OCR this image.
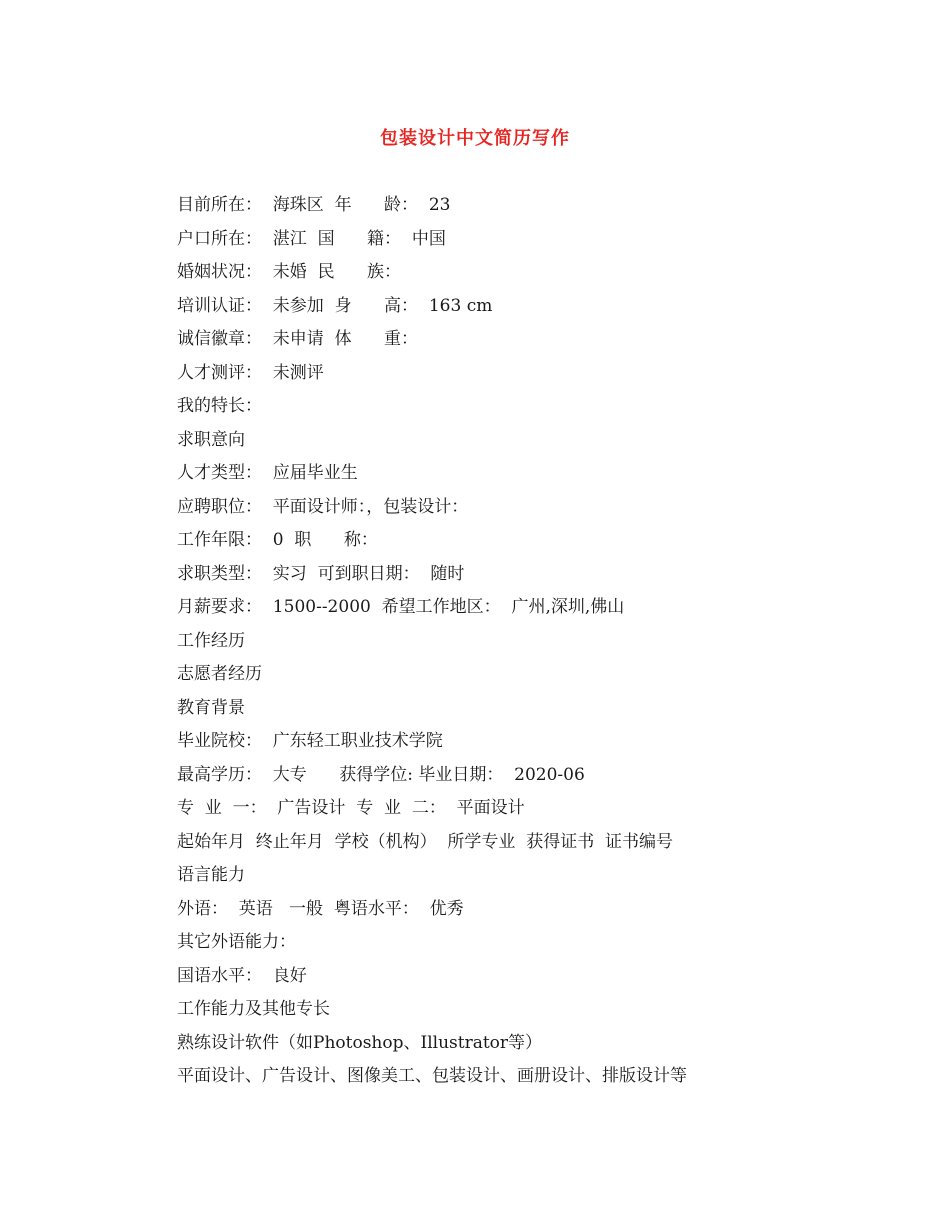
包装设计中文简历写作
目前所在：  海珠区  年      龄：  23
户口所在：  湛江  国      籍：  中国
婚姻状况：  未婚  民      族：
培训认证：  未参加  身      高：  163 cm
诚信徽章：  未申请  体      重：
人才测评：  未测评
我的特长：
求职意向
人才类型：  应届毕业生
应聘职位：  平面设计师：，包装设计：
工作年限：  0  职      称：
求职类型：  实习  可到职日期：  随时
月薪要求：  1500--2000  希望工作地区：  广州,深圳,佛山
工作经历
志愿者经历
教育背景
毕业院校：  广东轻工职业技术学院
最高学历：  大专      获得学位: 毕业日期：  2020-06
专  业  一：  广告设计  专  业  二：  平面设计
起始年月  终止年月  学校（机构）  所学专业  获得证书  证书编号
语言能力
外语：  英语   一般  粤语水平：  优秀
其它外语能力：
国语水平：  良好
工作能力及其他专长
熟练设计软件（如Photoshop、Illustrator等）
平面设计、广告设计、图像美工、包装设计、画册设计、排版设计等
